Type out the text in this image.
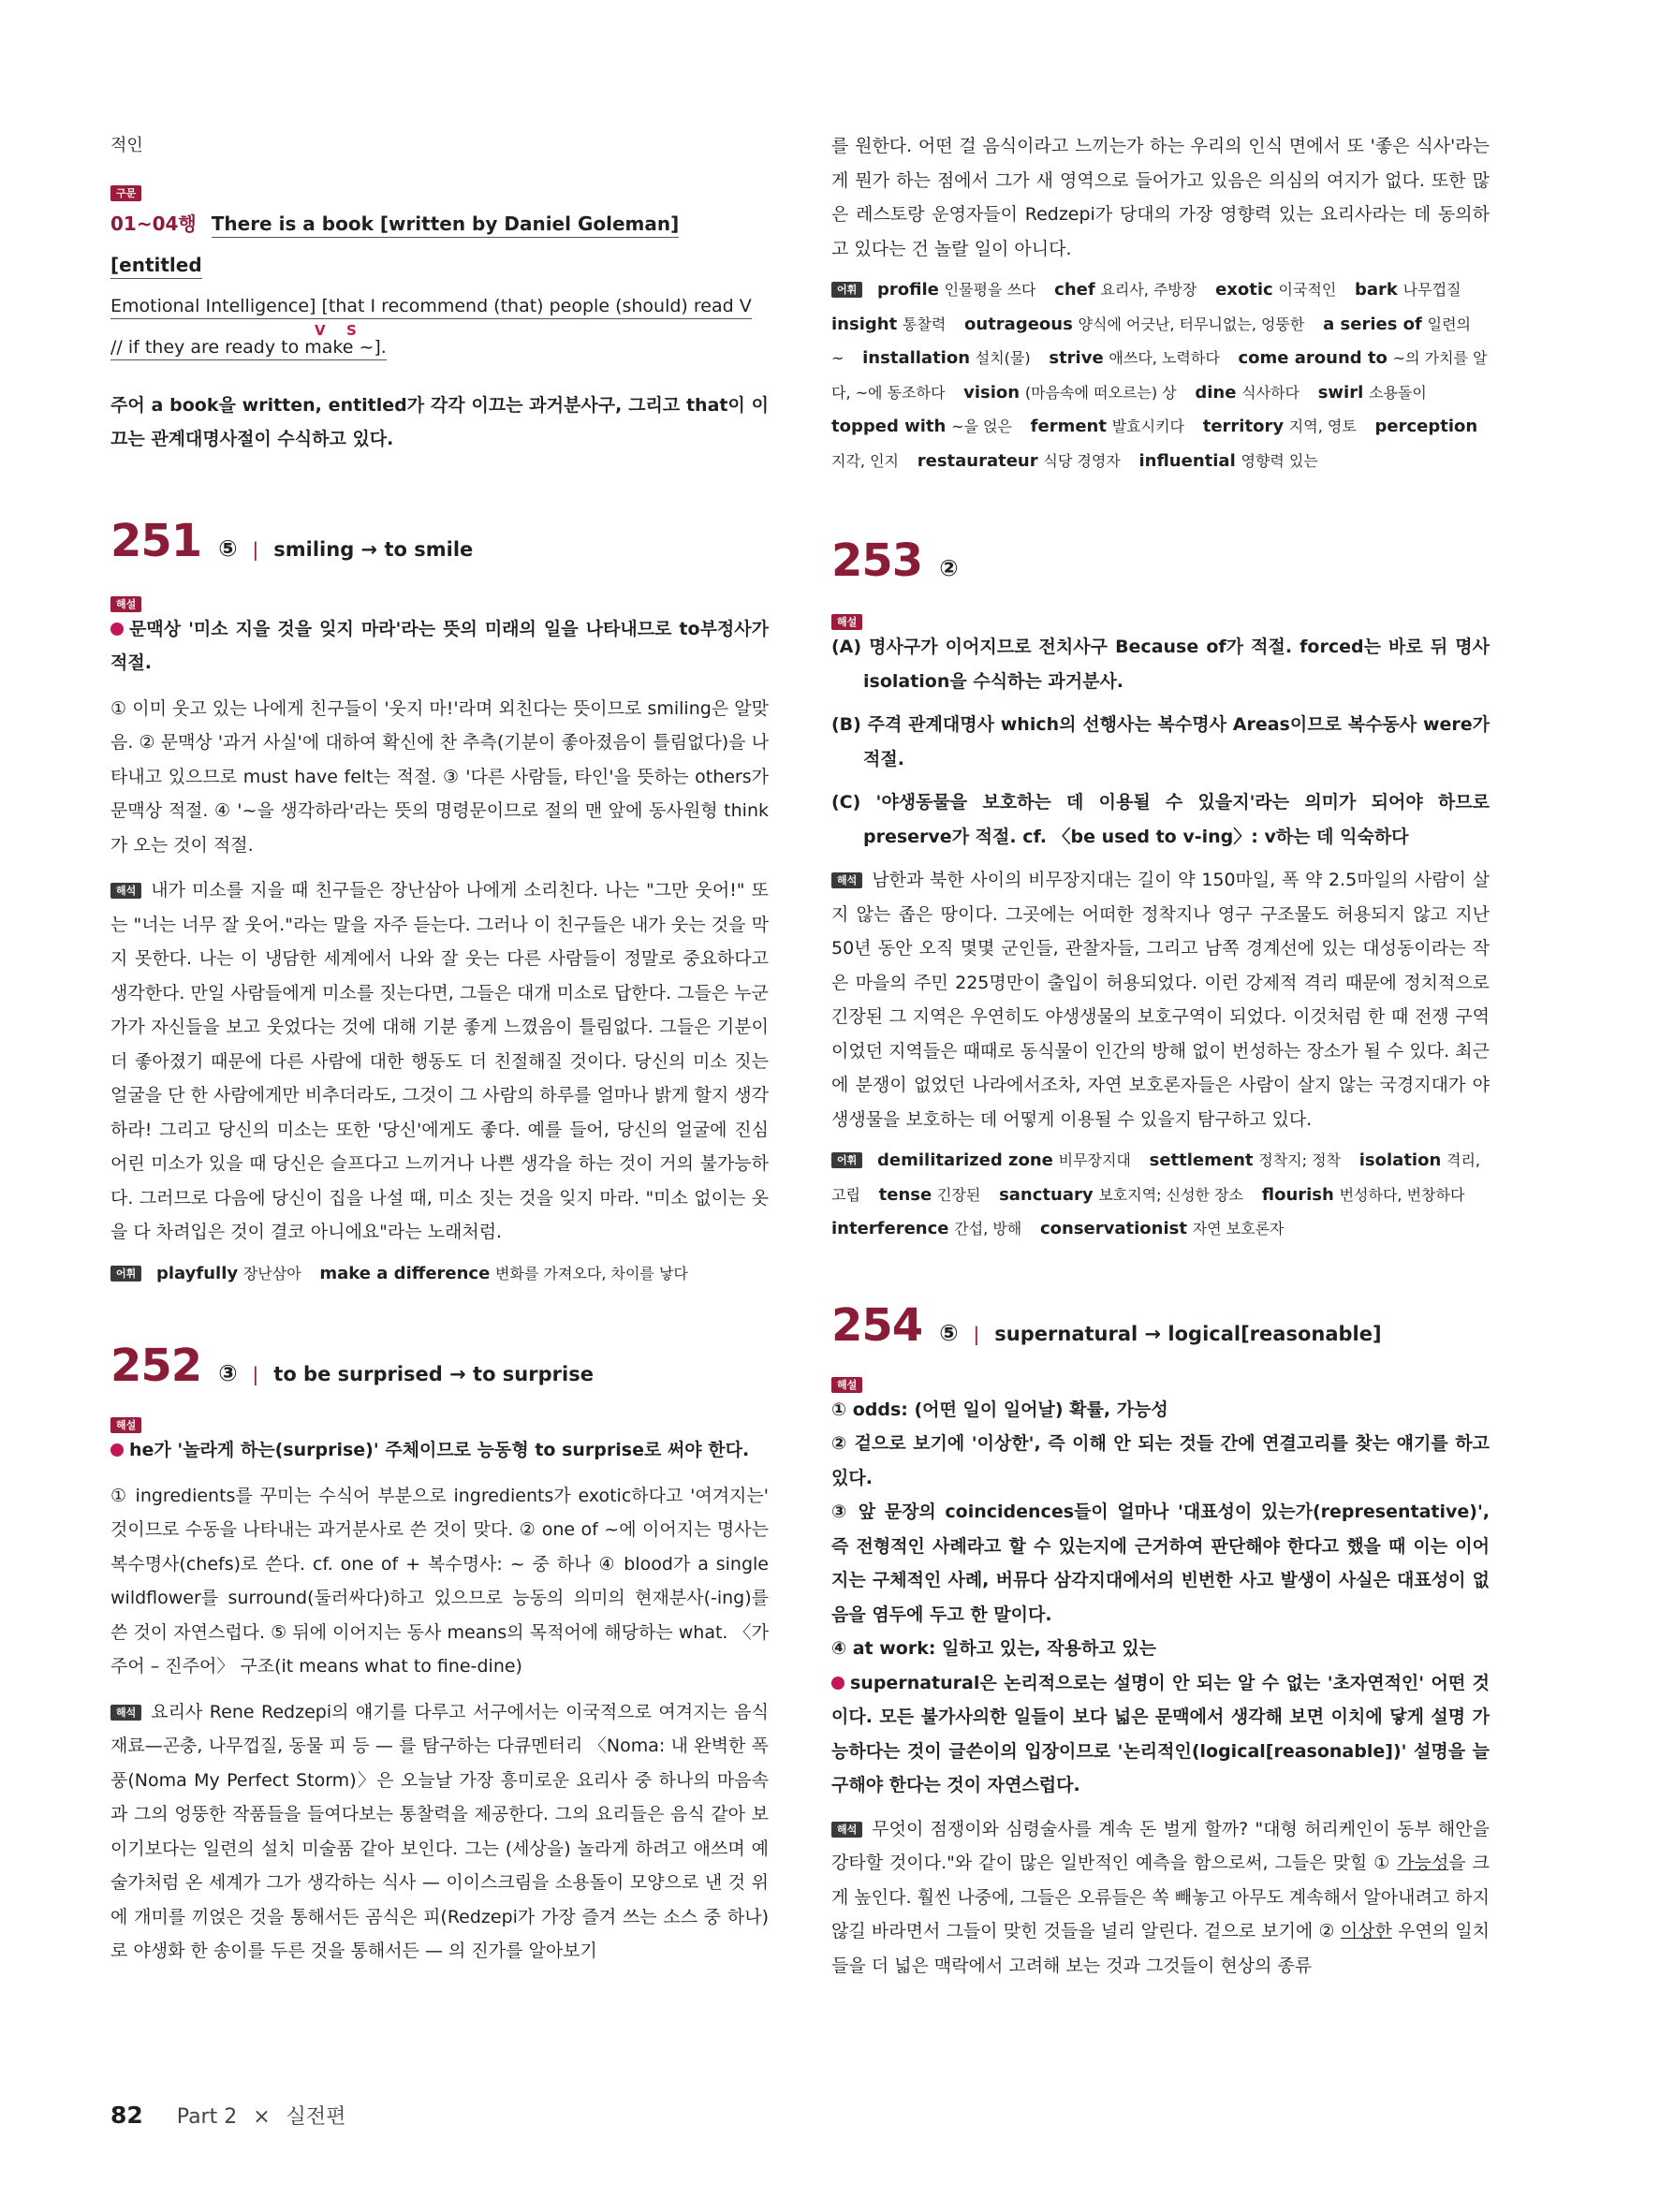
적인

구문

01~04행 There is a book [written by Daniel Goleman] [entitled

Emotional Intelligence] [that I recommend (that) people (should) read V
V S

// if they are ready to make ~].

주어 a book을 written, entitled가 각각 이끄는 과거분사구, 그리고 that이 이끄는 관계대명사절이 수식하고 있다.

251 ⑤ | smiling → to smile
해설

문맥상 '미소 지을 것을 잊지 마라'라는 뜻의 미래의 일을 나타내므로 to부정사가 적절.

① 이미 웃고 있는 나에게 친구들이 '웃지 마!'라며 외친다는 뜻이므로 smiling은 알맞음. ② 문맥상 '과거 사실'에 대하여 확신에 찬 추측(기분이 좋아졌음이 틀림없다)을 나타내고 있으므로 must have felt는 적절. ③ '다른 사람들, 타인'을 뜻하는 others가 문맥상 적절. ④ '~을 생각하라'라는 뜻의 명령문이므로 절의 맨 앞에 동사원형 think가 오는 것이 적절.

해석 내가 미소를 지을 때 친구들은 장난삼아 나에게 소리친다. 나는 "그만 웃어!" 또는 "너는 너무 잘 웃어."라는 말을 자주 듣는다. 그러나 이 친구들은 내가 웃는 것을 막지 못한다. 나는 이 냉담한 세계에서 나와 잘 웃는 다른 사람들이 정말로 중요하다고 생각한다. 만일 사람들에게 미소를 짓는다면, 그들은 대개 미소로 답한다. 그들은 누군가가 자신들을 보고 웃었다는 것에 대해 기분 좋게 느꼈음이 틀림없다. 그들은 기분이 더 좋아졌기 때문에 다른 사람에 대한 행동도 더 친절해질 것이다. 당신의 미소 짓는 얼굴을 단 한 사람에게만 비추더라도, 그것이 그 사람의 하루를 얼마나 밝게 할지 생각하라! 그리고 당신의 미소는 또한 '당신'에게도 좋다. 예를 들어, 당신의 얼굴에 진심 어린 미소가 있을 때 당신은 슬프다고 느끼거나 나쁜 생각을 하는 것이 거의 불가능하다. 그러므로 다음에 당신이 집을 나설 때, 미소 짓는 것을 잊지 마라. "미소 없이는 옷을 다 차려입은 것이 결코 아니에요"라는 노래처럼.

어휘 playfully 장난삼아 make a difference 변화를 가져오다, 차이를 낳다

252 ③ | to be surprised → to surprise
해설

he가 '놀라게 하는(surprise)' 주체이므로 능동형 to surprise로 써야 한다.

① ingredients를 꾸미는 수식어 부분으로 ingredients가 exotic하다고 '여겨지는' 것이므로 수동을 나타내는 과거분사로 쓴 것이 맞다. ② one of ~에 이어지는 명사는 복수명사(chefs)로 쓴다. cf. one of + 복수명사: ~ 중 하나 ④ blood가 a single wildflower를 surround(둘러싸다)하고 있으므로 능동의 의미의 현재분사(-ing)를 쓴 것이 자연스럽다. ⑤ 뒤에 이어지는 동사 means의 목적어에 해당하는 what. 〈가주어 – 진주어〉 구조(it means what to fine-dine)

해석 요리사 Rene Redzepi의 얘기를 다루고 서구에서는 이국적으로 여겨지는 음식 재료—곤충, 나무껍질, 동물 피 등 — 를 탐구하는 다큐멘터리 〈Noma: 내 완벽한 폭풍(Noma My Perfect Storm)〉은 오늘날 가장 흥미로운 요리사 중 하나의 마음속과 그의 엉뚱한 작품들을 들여다보는 통찰력을 제공한다. 그의 요리들은 음식 같아 보이기보다는 일련의 설치 미술품 같아 보인다. 그는 (세상을) 놀라게 하려고 애쓰며 예술가처럼 온 세계가 그가 생각하는 식사 — 이이스크림을 소용돌이 모양으로 낸 것 위에 개미를 끼얹은 것을 통해서든 곰식은 피(Redzepi가 가장 즐겨 쓰는 소스 중 하나)로 야생화 한 송이를 두른 것을 통해서든 — 의 진가를 알아보기

를 원한다. 어떤 걸 음식이라고 느끼는가 하는 우리의 인식 면에서 또 '좋은 식사'라는 게 뭔가 하는 점에서 그가 새 영역으로 들어가고 있음은 의심의 여지가 없다. 또한 많은 레스토랑 운영자들이 Redzepi가 당대의 가장 영향력 있는 요리사라는 데 동의하고 있다는 건 놀랄 일이 아니다.

어휘 profile 인물평을 쓰다 chef 요리사, 주방장 exotic 이국적인 bark 나무껍질 insight 통찰력 outrageous 양식에 어긋난, 터무니없는, 엉뚱한 a series of 일련의 ~ installation 설치(물) strive 애쓰다, 노력하다 come around to ~의 가치를 알다, ~에 동조하다 vision (마음속에 떠오르는) 상 dine 식사하다 swirl 소용돌이 topped with ~을 얹은 ferment 발효시키다 territory 지역, 영토 perception 지각, 인지 restaurateur 식당 경영자 influential 영향력 있는

253 ②
해설

(A) 명사구가 이어지므로 전치사구 Because of가 적절. forced는 바로 뒤 명사 isolation을 수식하는 과거분사.

(B) 주격 관계대명사 which의 선행사는 복수명사 Areas이므로 복수동사 were가 적절.

(C) '야생동물을 보호하는 데 이용될 수 있을지'라는 의미가 되어야 하므로 preserve가 적절. cf. 〈be used to v-ing〉: v하는 데 익숙하다

해석 남한과 북한 사이의 비무장지대는 길이 약 150마일, 폭 약 2.5마일의 사람이 살지 않는 좁은 땅이다. 그곳에는 어떠한 정착지나 영구 구조물도 허용되지 않고 지난 50년 동안 오직 몇몇 군인들, 관찰자들, 그리고 남쪽 경계선에 있는 대성동이라는 작은 마을의 주민 225명만이 출입이 허용되었다. 이런 강제적 격리 때문에 정치적으로 긴장된 그 지역은 우연히도 야생생물의 보호구역이 되었다. 이것처럼 한 때 전쟁 구역이었던 지역들은 때때로 동식물이 인간의 방해 없이 번성하는 장소가 될 수 있다. 최근에 분쟁이 없었던 나라에서조차, 자연 보호론자들은 사람이 살지 않는 국경지대가 야생생물을 보호하는 데 어떻게 이용될 수 있을지 탐구하고 있다.

어휘 demilitarized zone 비무장지대 settlement 정착지; 정착 isolation 격리, 고립 tense 긴장된 sanctuary 보호지역; 신성한 장소 flourish 번성하다, 번창하다 interference 간섭, 방해 conservationist 자연 보호론자

254 ⑤ | supernatural → logical[reasonable]
해설

① odds: (어떤 일이 일어날) 확률, 가능성

② 겉으로 보기에 '이상한', 즉 이해 안 되는 것들 간에 연결고리를 찾는 얘기를 하고 있다.

③ 앞 문장의 coincidences들이 얼마나 '대표성이 있는가(representative)', 즉 전형적인 사례라고 할 수 있는지에 근거하여 판단해야 한다고 했을 때 이는 이어지는 구체적인 사례, 버뮤다 삼각지대에서의 빈번한 사고 발생이 사실은 대표성이 없음을 염두에 두고 한 말이다.

④ at work: 일하고 있는, 작용하고 있는

supernatural은 논리적으로는 설명이 안 되는 알 수 없는 '초자연적인' 어떤 것이다. 모든 불가사의한 일들이 보다 넓은 문맥에서 생각해 보면 이치에 닿게 설명 가능하다는 것이 글쓴이의 입장이므로 '논리적인(logical[reasonable])' 설명을 늘 구해야 한다는 것이 자연스럽다.

해석 무엇이 점쟁이와 심령술사를 계속 돈 벌게 할까? "대형 허리케인이 동부 해안을 강타할 것이다."와 같이 많은 일반적인 예측을 함으로써, 그들은 맞힐 ① 가능성을 크게 높인다. 훨씬 나중에, 그들은 오류들은 쏙 빼놓고 아무도 계속해서 알아내려고 하지 않길 바라면서 그들이 맞힌 것들을 널리 알린다. 겉으로 보기에 ② 이상한 우연의 일치들을 더 넓은 맥락에서 고려해 보는 것과 그것들이 현상의 종류

82 Part 2 × 실전편
